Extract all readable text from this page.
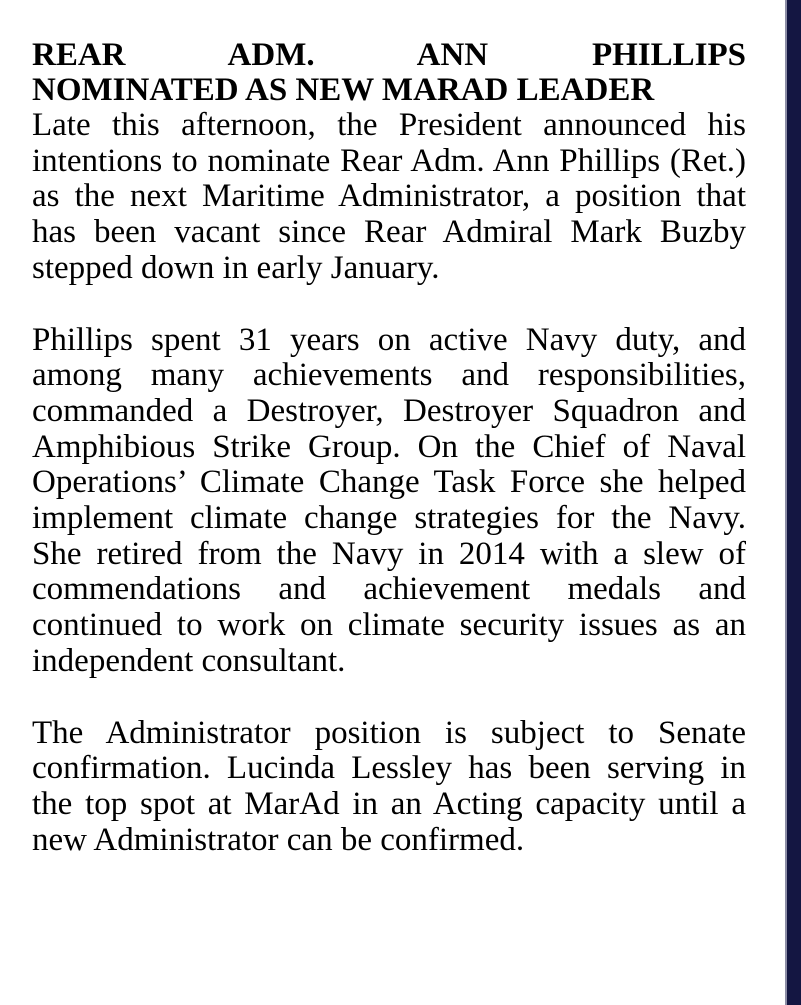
REAR ADM. ANN PHILLIPS
NOMINATED AS NEW MARAD LEADER

Late this afternoon, the President announced his intentions to nominate Rear Adm. Ann Phillips (Ret.) as the next Maritime Administrator, a position that has been vacant since Rear Admiral Mark Buzby stepped down in early January.

Phillips spent 31 years on active Navy duty, and among many achievements and responsibilities, commanded a Destroyer, Destroyer Squadron and Amphibious Strike Group. On the Chief of Naval Operations’ Climate Change Task Force she helped implement climate change strategies for the Navy. She retired from the Navy in 2014 with a slew of commendations and achievement medals and continued to work on climate security issues as an independent consultant.

The Administrator position is subject to Senate confirmation. Lucinda Lessley has been serving in the top spot at MarAd in an Acting capacity until a new Administrator can be confirmed.
